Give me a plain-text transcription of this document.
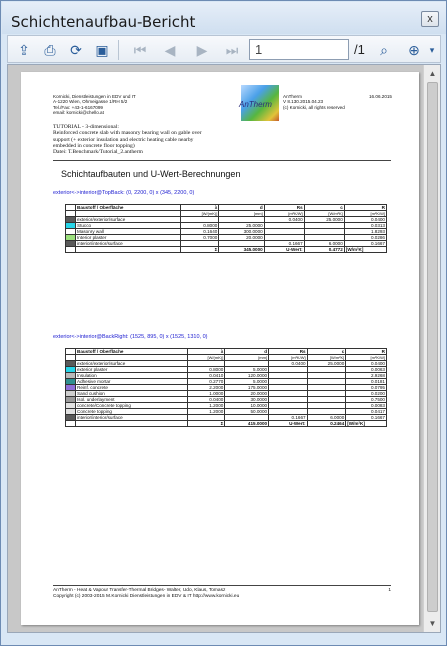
Schichtenaufbau-Bericht	x
⇪	⎙	⟳ ▣ ⏮	◀	▶	⏭	1	/1	⌕	⊕	▾
Kornicki, Dienstleistungen in EDV und IT
A-1220 Wien, Ohmeigasse 1/RH 5/2
Tel./Fax: +43-1-6167099
email: kornicki@chello.at
AnTherm
AnTherm
V 8.130.2015.04.23
(c) Kornicki, all rights reserved
16.06.2015
TUTORIAL - 3-dimensional:
Reinforced concrete slab with masonry bearing wall on gable over
support (+ exterior insulation and electric heating cable nearby
embedded in concrete floor topping)
Datei: T.Benchmark/Tutorial_2.antherm
Schichtaufbauten und U-Wert-Berechnungen
exterior<->interior@TopBack: (0, 2200, 0) x (345, 2200, 0)
	Baustoff / Oberfläche	λ	d	Rs	c	R
		[W/(mK)]	[mm]	[m²K/W]	[W/m²K]	[m²K/W]
	exterior/exterior/surface			0.0400	25.0000	0.0400
	Stucco	0.8000	25.0000			0.0313
	Masonry wall	0.1640	300.0000			1.8293
	Interior plaster	0.7000	20.0000			0.0286
	interior/interior/surface			0.1667	6.0000	0.1667
		Σ	345.0000	U-Wert:	0.4772	[W/m²K]
exterior<->interior@BackRight: (1525, 895, 0) x (1525, 1310, 0)
	Baustoff / Oberfläche	λ	d	Rs	c	R
		[W/(mK)]	[mm]	[m²K/W]	[W/m²K]	[m²K/W]
	exterior/exterior/surface			0.0400	25.0000	0.0400
	exterior plaster	0.8000	5.0000			0.0063
	Insulation	0.0410	120.0000			2.9268
	Adhesive mortar	0.2770	5.0000			0.0181
	Reinf. concrete	2.2000	175.0000			0.0795
	Sand cushion	1.0000	20.0000			0.0200
	Isol. underlayment	0.0400	30.0000			0.7500
	concrete/Concrete topping	1.2000	10.0000			0.0083
	Concrete topping	1.2000	50.0000			0.0417
	interior/interior/surface			0.1667	6.0000	0.1667
		Σ	415.0000	U-Wert:	0.2464	[W/m²K]
AnTherm - Heat & Vapour Transfer-Thermal Bridges- Walter, Udo, Klaus, Tomasz
Copyright (c) 2003-2015 M.Kornicki Dienstleistungen in EDV & IT http://www.kornicki.eu
1
▲
▼
